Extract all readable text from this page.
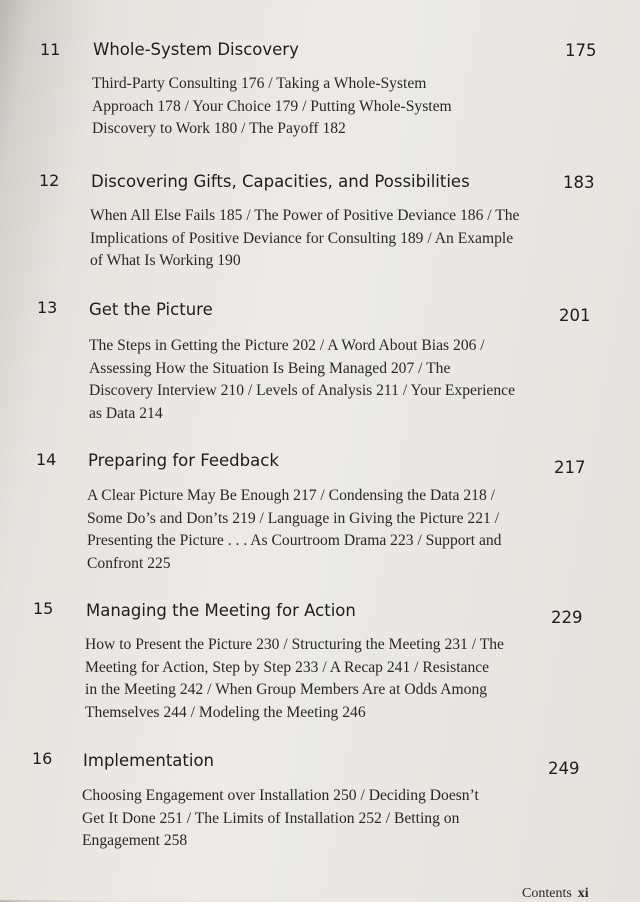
11 Whole-System Discovery	175
Third-Party Consulting 176 / Taking a Whole-System
Approach 178 / Your Choice 179 / Putting Whole-System
Discovery to Work 180 / The Payoff 182
12 Discovering Gifts, Capacities, and Possibilities	183
When All Else Fails 185 / The Power of Positive Deviance 186 / The
Implications of Positive Deviance for Consulting 189 / An Example
of What Is Working 190
13 Get the Picture	201
The Steps in Getting the Picture 202 / A Word About Bias 206 /
Assessing How the Situation Is Being Managed 207 / The
Discovery Interview 210 / Levels of Analysis 211 / Your Experience
as Data 214
14 Preparing for Feedback	217
A Clear Picture May Be Enough 217 / Condensing the Data 218 /
Some Do’s and Don’ts 219 / Language in Giving the Picture 221 /
Presenting the Picture . . . As Courtroom Drama 223 / Support and
Confront 225
15 Managing the Meeting for Action	229
How to Present the Picture 230 / Structuring the Meeting 231 / The
Meeting for Action, Step by Step 233 / A Recap 241 / Resistance
in the Meeting 242 / When Group Members Are at Odds Among
Themselves 244 / Modeling the Meeting 246
16 Implementation	249
Choosing Engagement over Installation 250 / Deciding Doesn’t
Get It Done 251 / The Limits of Installation 252 / Betting on
Engagement 258
Contents xi
